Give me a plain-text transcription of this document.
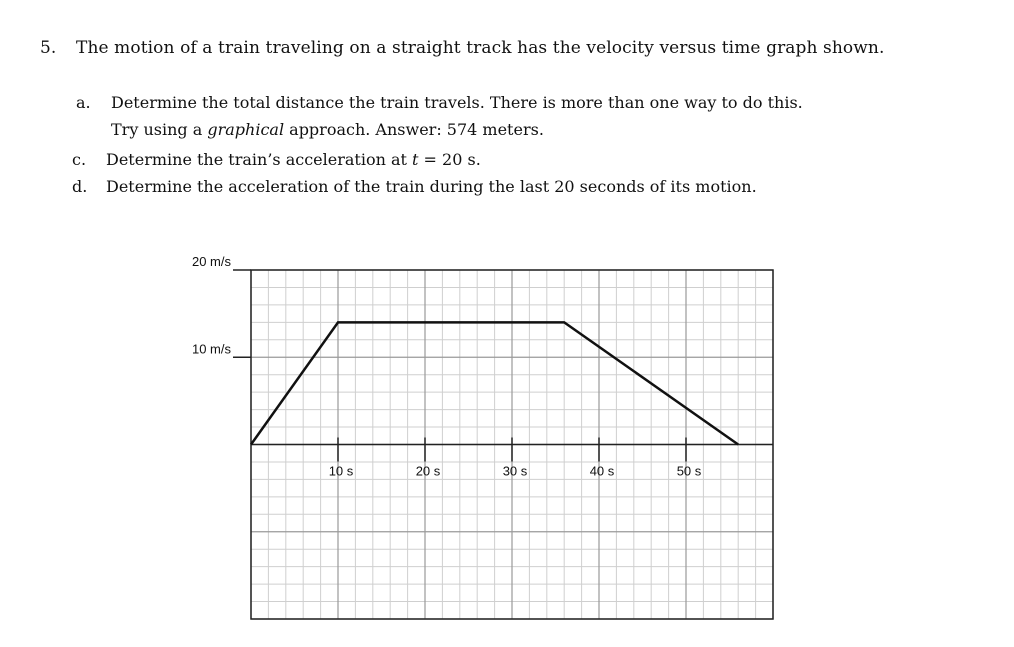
5. The motion of a train traveling on a straight track has the velocity versus time graph shown.
a. Determine the total distance the train travels. There is more than one way to do this.
Try using a graphical approach. Answer: 574 meters.
c. Determine the train’s acceleration at t = 20 s.
d. Determine the acceleration of the train during the last 20 seconds of its motion.
20 m/s
10 m/s
10 s	20 s	30 s	40 s	50 s
